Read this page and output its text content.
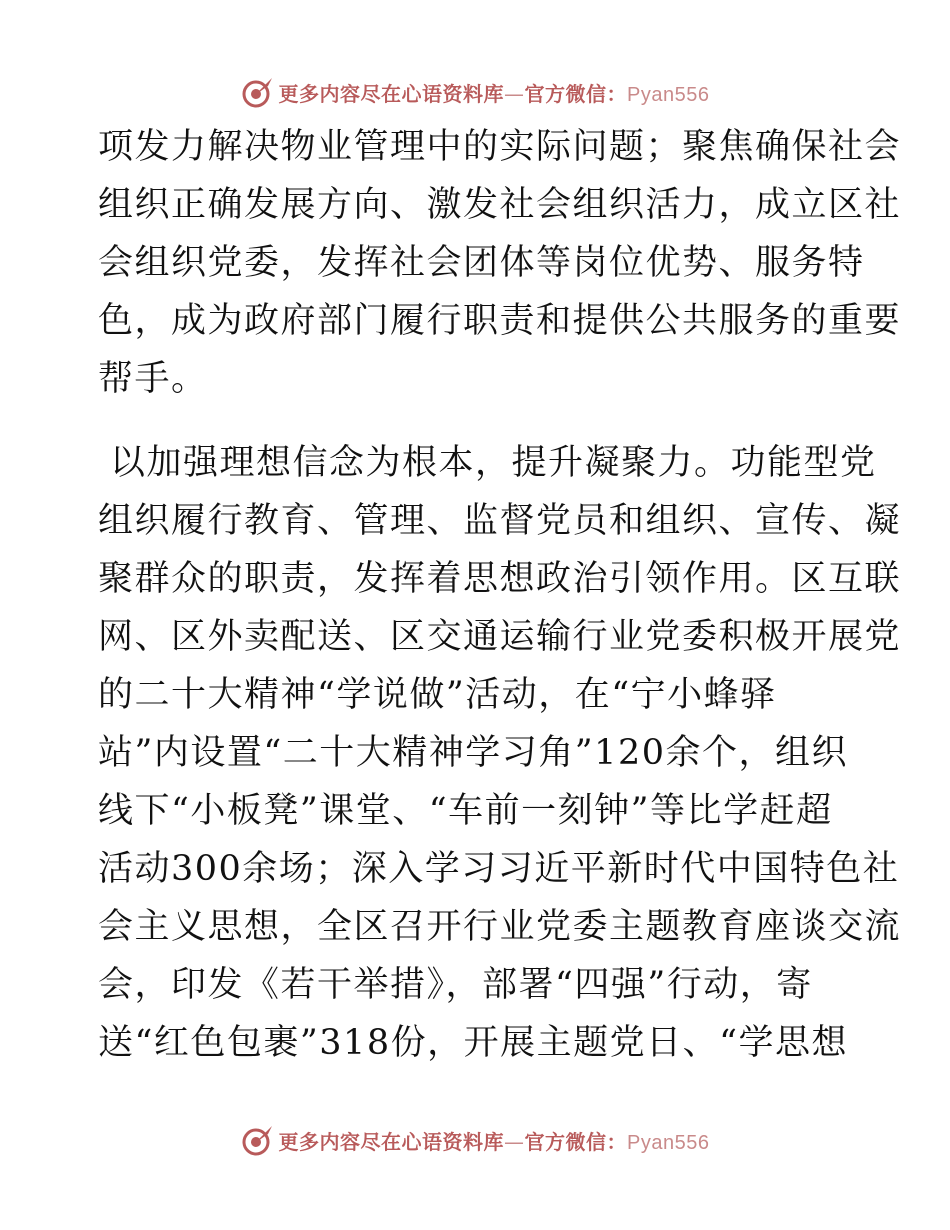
更多内容尽在心语资料库—官方微信：Pyan556
项发力解决物业管理中的实际问题；聚焦确保社会
组织正确发展方向、激发社会组织活力，成立区社
会组织党委，发挥社会团体等岗位优势、服务特
色，成为政府部门履行职责和提供公共服务的重要
帮手。
以加强理想信念为根本，提升凝聚力。功能型党
组织履行教育、管理、监督党员和组织、宣传、凝
聚群众的职责，发挥着思想政治引领作用。区互联
网、区外卖配送、区交通运输行业党委积极开展党
的二十大精神“学说做”活动，在“宁小蜂驿
站”内设置“二十大精神学习角”120余个，组织
线下“小板凳”课堂、“车前一刻钟”等比学赶超
活动300余场；深入学习习近平新时代中国特色社
会主义思想，全区召开行业党委主题教育座谈交流
会，印发《若干举措》，部署“四强”行动，寄
送“红色包裹”318份，开展主题党日、“学思想
更多内容尽在心语资料库—官方微信：Pyan556
